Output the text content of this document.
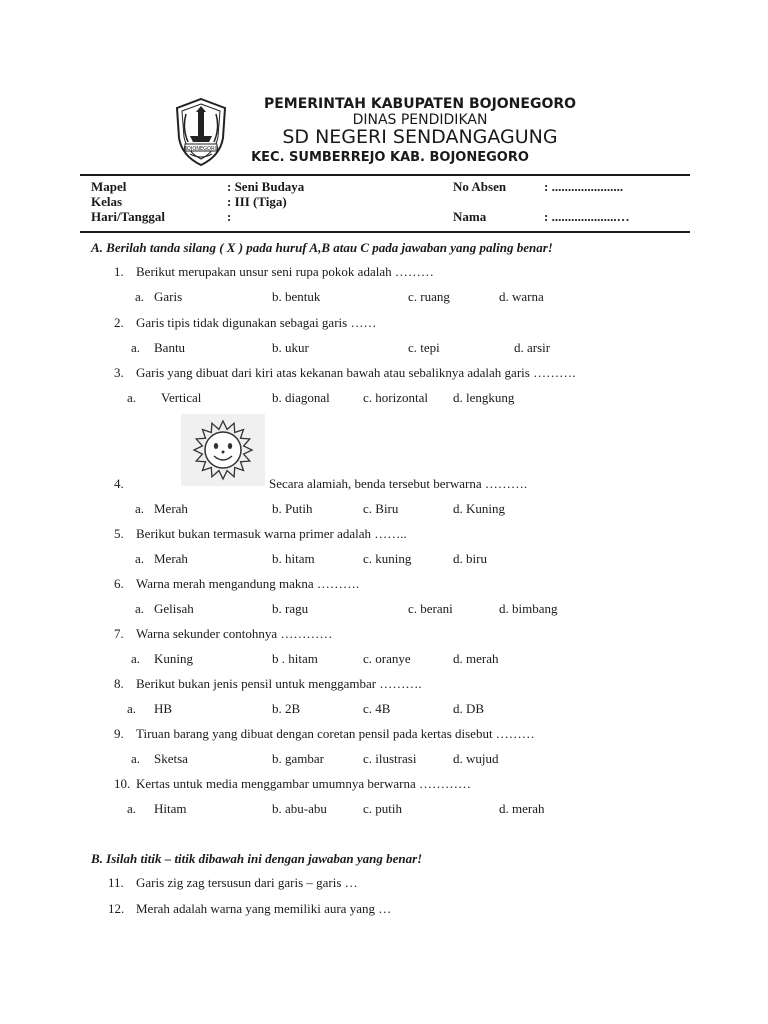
BOJONEGORO
PEMERINTAH KABUPATEN BOJONEGORO
DINAS PENDIDIKAN
SD NEGERI SENDANGAGUNG
KEC. SUMBERREJO KAB. BOJONEGORO
Mapel	: Seni Budaya
Kelas	: III (Tiga)
Hari/Tanggal	:
No Absen	: ......................
Nama	: ....................…
A. Berilah tanda silang ( X ) pada huruf A,B atau C pada jawaban yang paling benar!
1. Berikut merupakan unsur seni rupa pokok adalah ………
a. Garis	b. bentuk	c. ruang	d. warna
2. Garis tipis tidak digunakan sebagai garis ……
a. Bantu	b. ukur	c. tepi	d. arsir
3. Garis yang dibuat dari kiri atas kekanan bawah atau sebaliknya adalah garis ……….
a. Vertical	b. diagonal	c. horizontal d. lengkung
4.	Secara alamiah, benda tersebut berwarna ……….
a. Merah	b. Putih	c. Biru	d. Kuning
5. Berikut bukan termasuk warna primer adalah ……..
a. Merah	b. hitam	c. kuning	d. biru
6. Warna merah mengandung makna ……….
a. Gelisah	b. ragu	c. berani	d. bimbang
7. Warna sekunder contohnya …………
a. Kuning	b . hitam	c. oranye	d. merah
8. Berikut bukan jenis pensil untuk menggambar ……….
a. HB	b. 2B	c. 4B	d. DB
9. Tiruan barang yang dibuat dengan coretan pensil pada kertas disebut ………
a. Sketsa	b. gambar	c. ilustrasi	d. wujud
10. Kertas untuk media menggambar umumnya berwarna …………
a. Hitam	b. abu-abu	c. putih	d. merah
B. Isilah titik – titik dibawah ini dengan jawaban yang benar!
11. Garis zig zag tersusun dari garis – garis …
12. Merah adalah warna yang memiliki aura yang …
